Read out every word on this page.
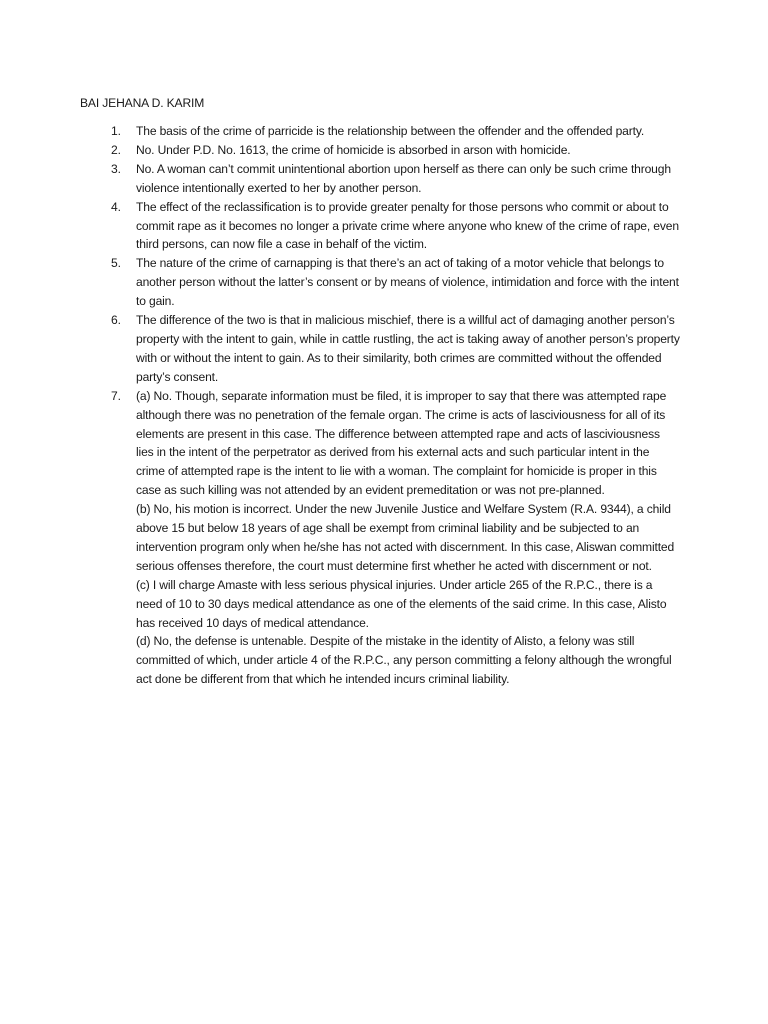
BAI JEHANA D. KARIM
1. The basis of the crime of parricide is the relationship between the offender and the offended party.
2. No. Under P.D. No. 1613, the crime of homicide is absorbed in arson with homicide.
3. No. A woman can’t commit unintentional abortion upon herself as there can only be such crime through violence intentionally exerted to her by another person.
4. The effect of the reclassification is to provide greater penalty for those persons who commit or about to commit rape as it becomes no longer a private crime where anyone who knew of the crime of rape, even third persons, can now file a case in behalf of the victim.
5. The nature of the crime of carnapping is that there’s an act of taking of a motor vehicle that belongs to another person without the latter’s consent or by means of violence, intimidation and force with the intent to gain.
6. The difference of the two is that in malicious mischief, there is a willful act of damaging another person’s property with the intent to gain, while in cattle rustling, the act is taking away of another person’s property with or without the intent to gain. As to their similarity, both crimes are committed without the offended party’s consent.
7. (a) No. Though, separate information must be filed, it is improper to say that there was attempted rape although there was no penetration of the female organ. The crime is acts of lasciviousness for all of its elements are present in this case. The difference between attempted rape and acts of lasciviousness lies in the intent of the perpetrator as derived from his external acts and such particular intent in the crime of attempted rape is the intent to lie with a woman. The complaint for homicide is proper in this case as such killing was not attended by an evident premeditation or was not pre-planned.
(b) No, his motion is incorrect. Under the new Juvenile Justice and Welfare System (R.A. 9344), a child above 15 but below 18 years of age shall be exempt from criminal liability and be subjected to an intervention program only when he/she has not acted with discernment. In this case, Aliswan committed serious offenses therefore, the court must determine first whether he acted with discernment or not.
(c) I will charge Amaste with less serious physical injuries. Under article 265 of the R.P.C., there is a need of 10 to 30 days medical attendance as one of the elements of the said crime. In this case, Alisto has received 10 days of medical attendance.
(d) No, the defense is untenable. Despite of the mistake in the identity of Alisto, a felony was still committed of which, under article 4 of the R.P.C., any person committing a felony although the wrongful act done be different from that which he intended incurs criminal liability.
